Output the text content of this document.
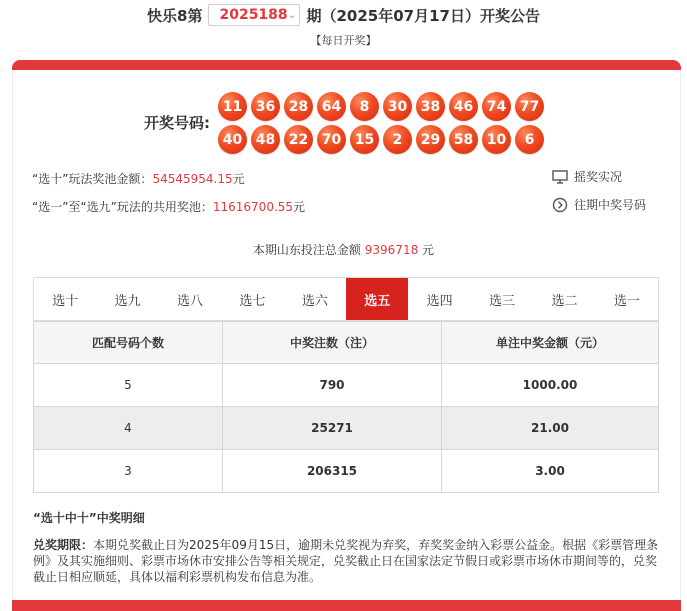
快乐8第 2025188 ⌄ 期（2025年07月17日）开奖公告
【每日开奖】
开奖号码:
11 36 28 64	8	30 38 46 74 77
40 48 22 70 15	2	29 58 10	6
“选十”玩法奖池金额：54545954.15元
“选一”至“选九”玩法的共用奖池：11616700.55元
摇奖实况
往期中奖号码
本期山东投注总金额 9396718 元
选十	选九	选八	选七	选六	选五	选四	选三	选二	选一
匹配号码个数	中奖注数（注）	单注中奖金额（元）
5	790	1000.00
4	25271	21.00
3	206315	3.00
“选十中十”中奖明细
兑奖期限：本期兑奖截止日为2025年09月15日，逾期未兑奖视为弃奖，弃奖奖金纳入彩票公益金。根据《彩票管理条例》及其实施细则、彩票市场休市安排公告等相关规定，兑奖截止日在国家法定节假日或彩票市场休市期间等的，兑奖截止日相应顺延，具体以福利彩票机构发布信息为准。
